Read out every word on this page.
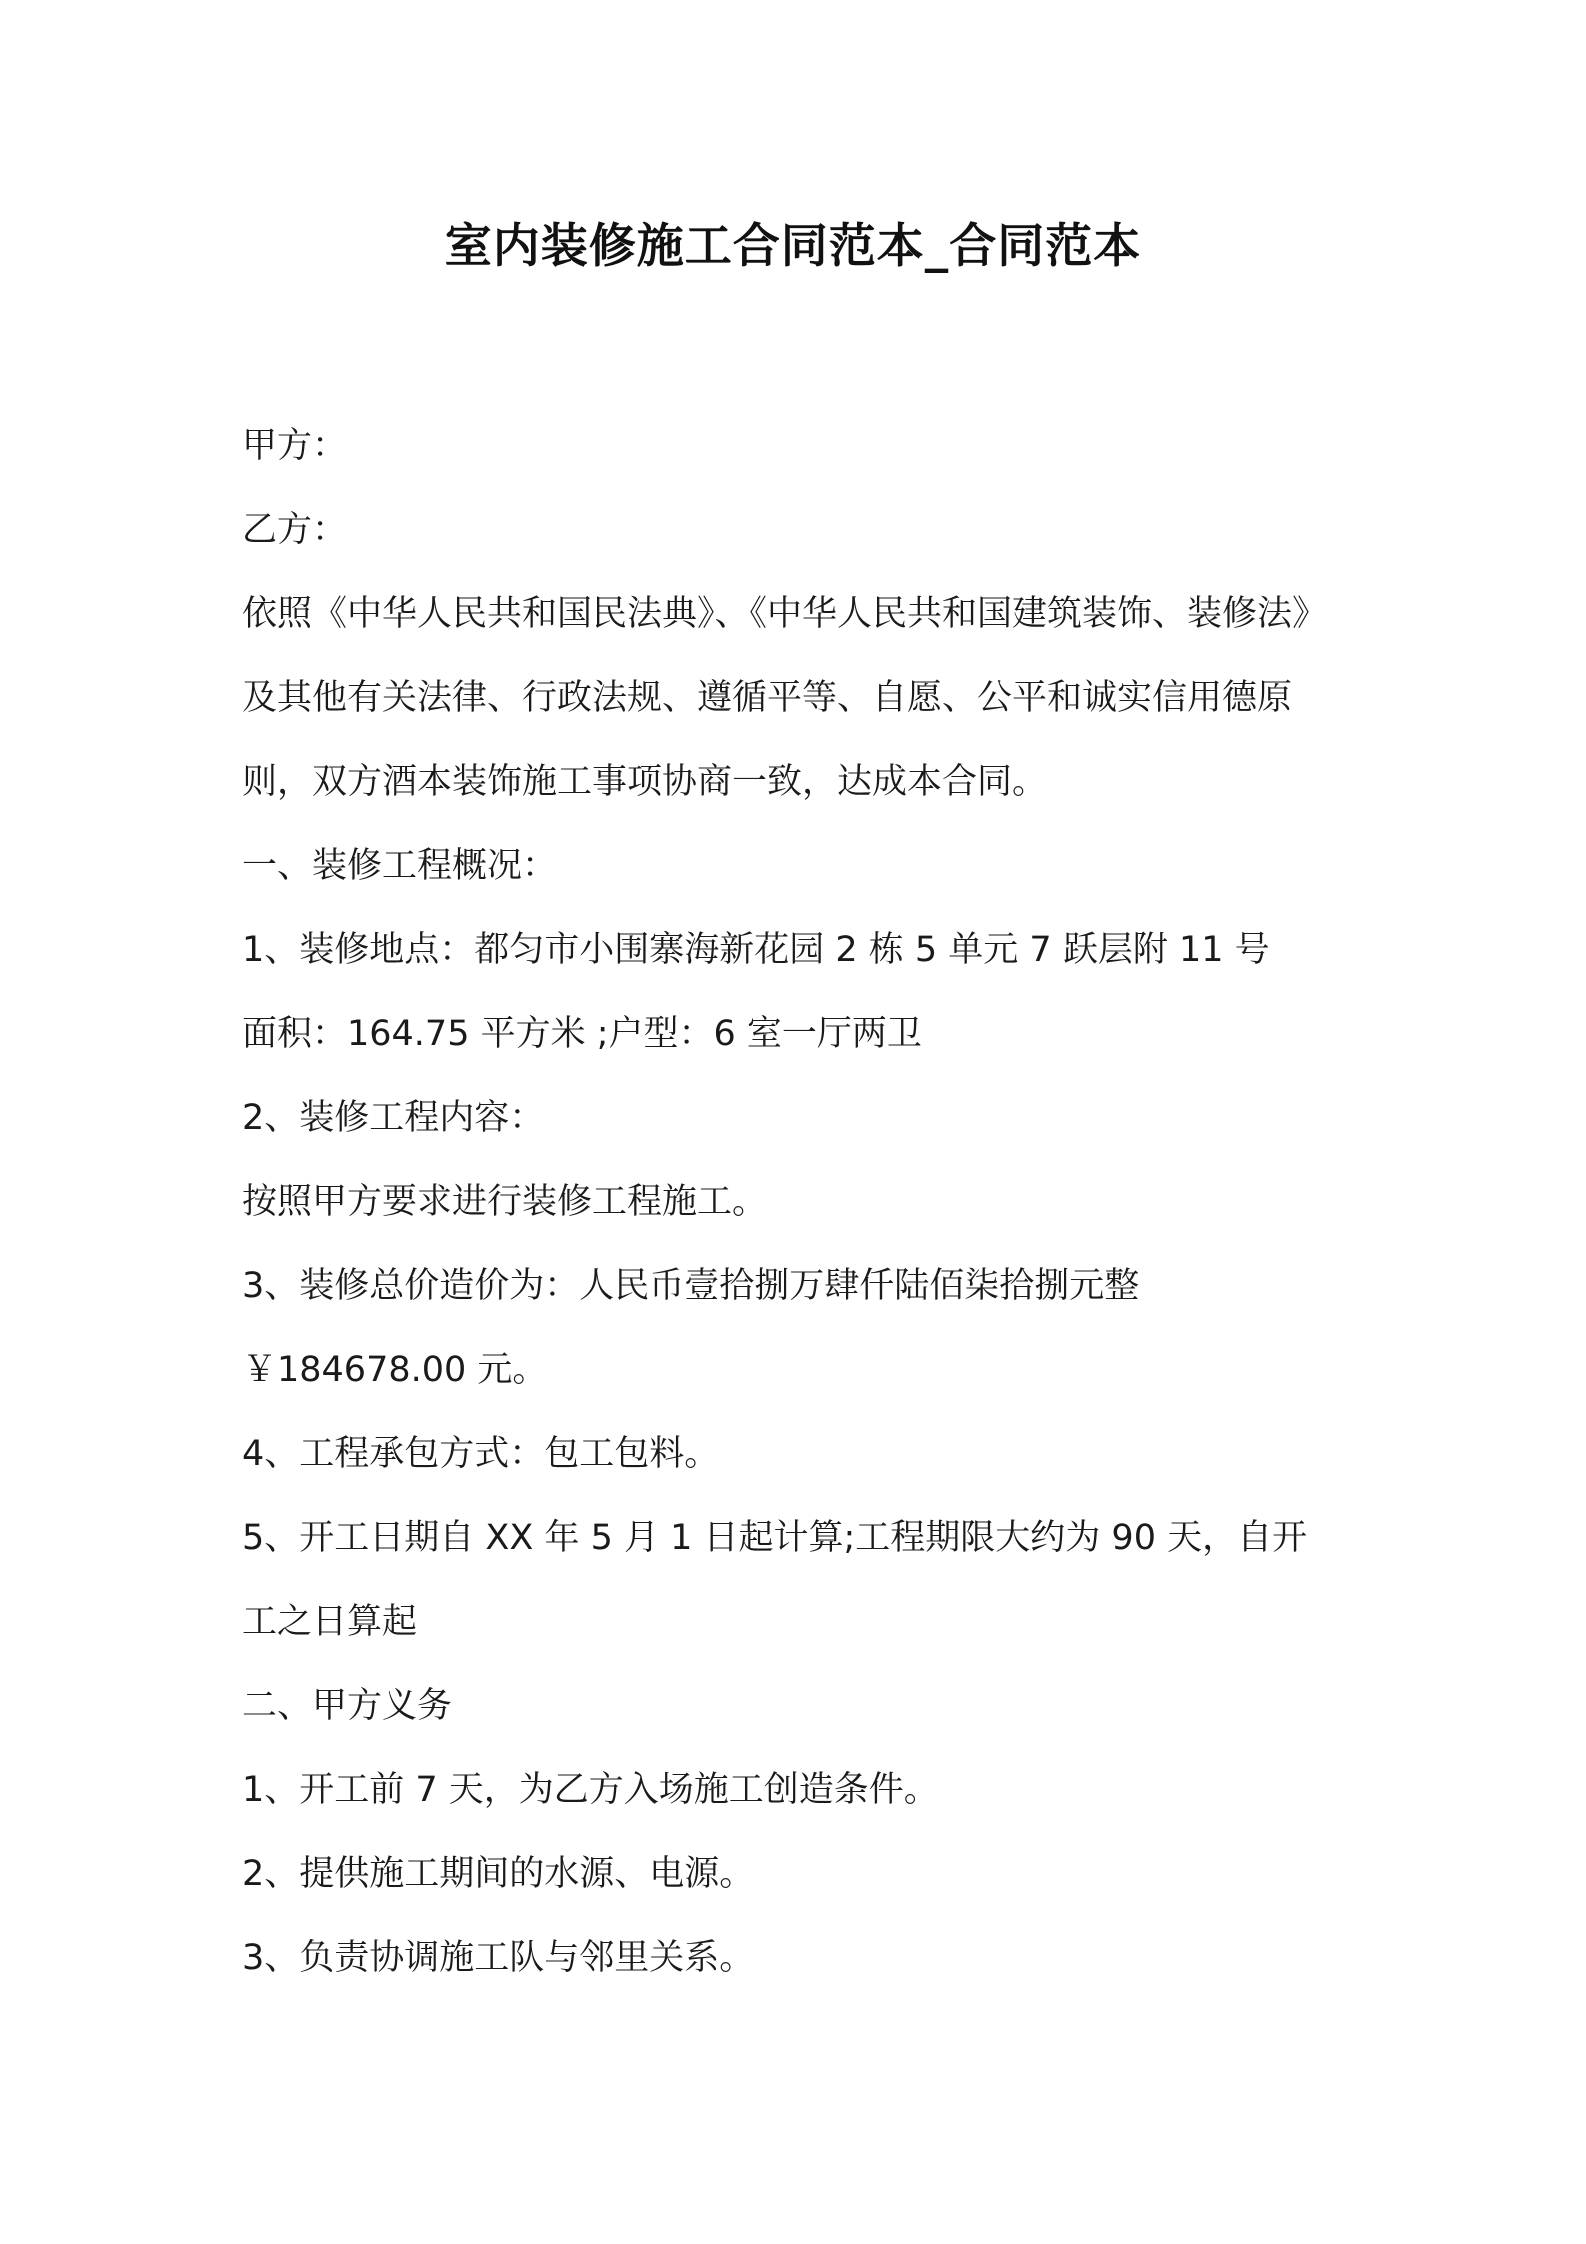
室内装修施工合同范本_合同范本
甲方：
乙方：
依照《中华人民共和国民法典》、《中华人民共和国建筑装饰、装修法》
及其他有关法律、行政法规、遵循平等、自愿、公平和诚实信用德原
则，双方酒本装饰施工事项协商一致，达成本合同。
一、装修工程概况：
1、装修地点：都匀市小围寨海新花园 2 栋 5 单元 7 跃层附 11 号
面积：164.75 平方米 ;户型：6 室一厅两卫
2、装修工程内容：
按照甲方要求进行装修工程施工。
3、装修总价造价为：人民币壹拾捌万肆仟陆佰柒拾捌元整
￥184678.00 元。
4、工程承包方式：包工包料。
5、开工日期自 XX 年 5 月 1 日起计算;工程期限大约为 90 天，自开
工之日算起
二、甲方义务
1、开工前 7 天，为乙方入场施工创造条件。
2、提供施工期间的水源、电源。
3、负责协调施工队与邻里关系。
